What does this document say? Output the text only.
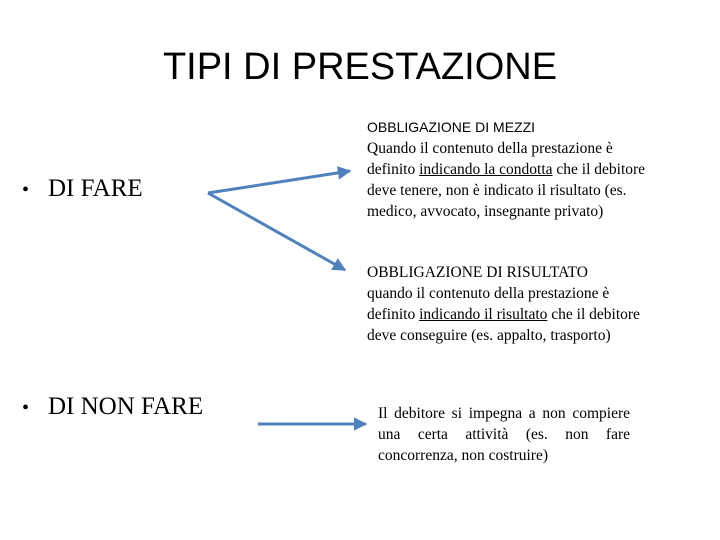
TIPI DI PRESTAZIONE
• DI FARE
• DI NON FARE
OBBLIGAZIONE DI MEZZI
Quando il contenuto della prestazione è definito indicando la condotta che il debitore deve tenere, non è indicato il risultato (es. medico, avvocato, insegnante privato)
OBBLIGAZIONE DI RISULTATO
quando il contenuto della prestazione è definito indicando il risultato che il debitore deve conseguire (es. appalto, trasporto)
Il debitore si impegna a non compiere una certa attività (es. non fare concorrenza, non costruire)
